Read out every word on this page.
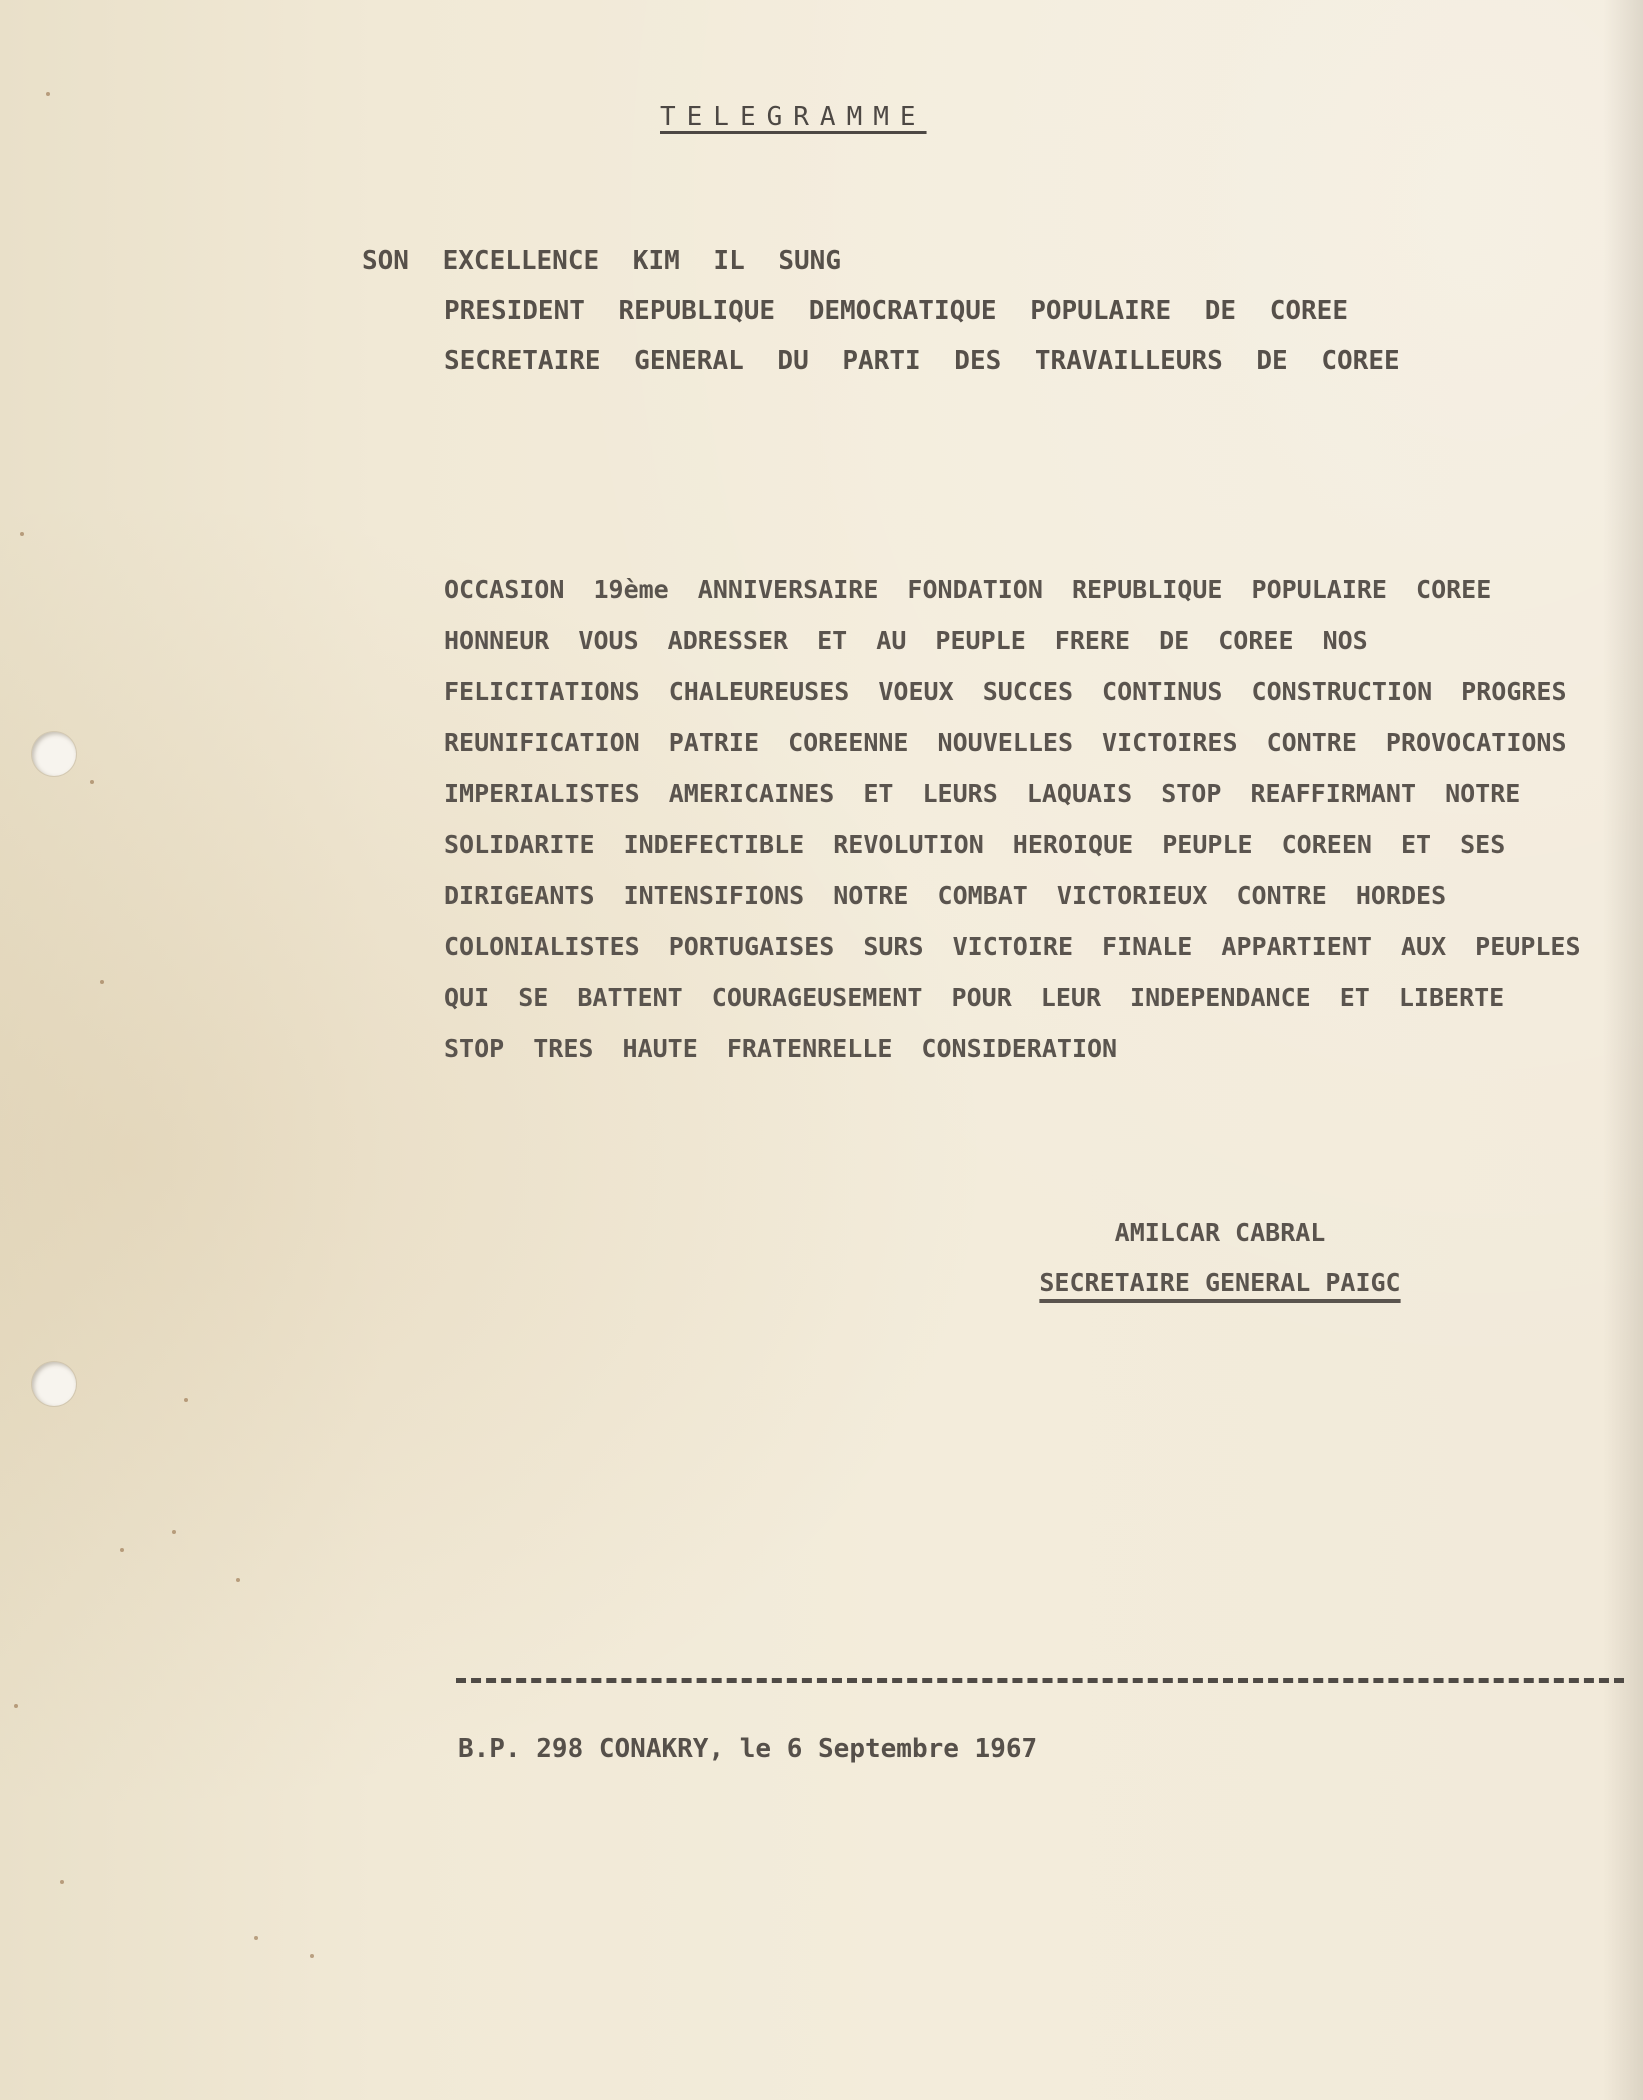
TELEGRAMME
SON EXCELLENCE KIM IL SUNG
PRESIDENT REPUBLIQUE DEMOCRATIQUE POPULAIRE DE COREE
SECRETAIRE GENERAL DU PARTI DES TRAVAILLEURS DE COREE
OCCASION 19ème ANNIVERSAIRE FONDATION REPUBLIQUE POPULAIRE COREE
HONNEUR VOUS ADRESSER ET AU PEUPLE FRERE DE COREE NOS
FELICITATIONS CHALEUREUSES VOEUX SUCCES CONTINUS CONSTRUCTION PROGRES
REUNIFICATION PATRIE COREENNE NOUVELLES VICTOIRES CONTRE PROVOCATIONS
IMPERIALISTES AMERICAINES ET LEURS LAQUAIS STOP REAFFIRMANT NOTRE
SOLIDARITE INDEFECTIBLE REVOLUTION HEROIQUE PEUPLE COREEN ET SES
DIRIGEANTS INTENSIFIONS NOTRE COMBAT VICTORIEUX CONTRE HORDES
COLONIALISTES PORTUGAISES SURS VICTOIRE FINALE APPARTIENT AUX PEUPLES
QUI SE BATTENT COURAGEUSEMENT POUR LEUR INDEPENDANCE ET LIBERTE
STOP TRES HAUTE FRATENRELLE CONSIDERATION
AMILCAR CABRAL
SECRETAIRE GENERAL PAIGC
B.P. 298 CONAKRY, le 6 Septembre 1967
